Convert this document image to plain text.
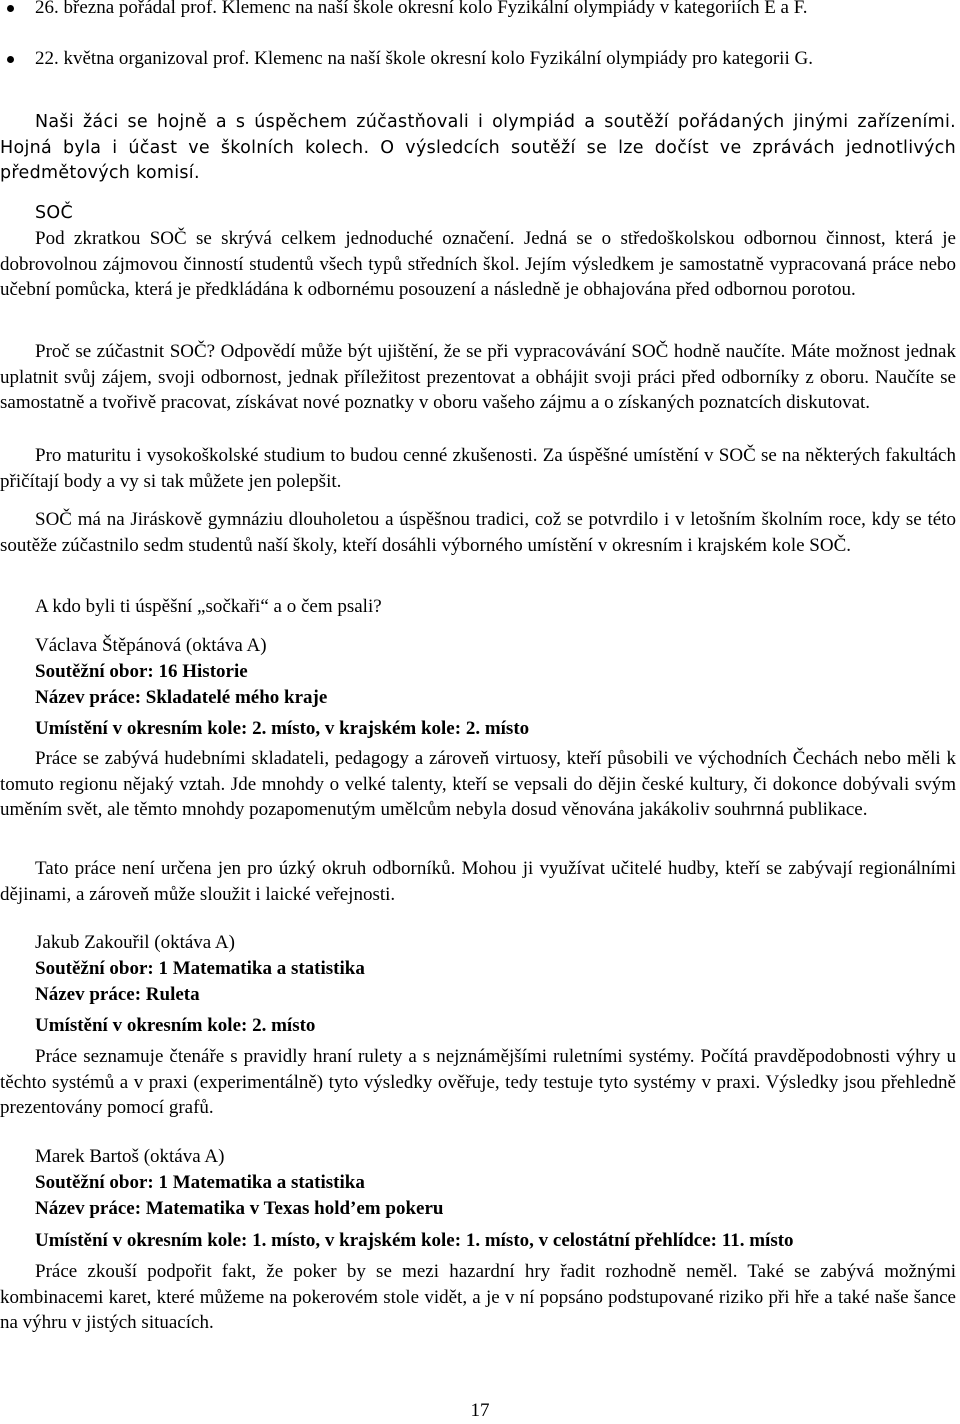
26. března pořádal prof. Klemenc na naší škole okresní kolo Fyzikální olympiády v kategoriích E a F.
22. května organizoval prof. Klemenc na naší škole okresní kolo Fyzikální olympiády pro kategorii G.

Naši žáci se hojně a s úspěchem zúčastňovali i olympiád a soutěží pořádaných jinými zařízeními. Hojná byla i účast ve školních kolech. O výsledcích soutěží se lze dočíst ve zprávách jednotlivých předmětových komisí.

SOČ

Pod zkratkou SOČ se skrývá celkem jednoduché označení. Jedná se o středoškolskou odbornou činnost, která je dobrovolnou zájmovou činností studentů všech typů středních škol. Jejím výsledkem je samostatně vypracovaná práce nebo učební pomůcka, která je předkládána k odbornému posouzení a následně je obhajována před odbornou porotou.

Proč se zúčastnit SOČ? Odpovědí může být ujištění, že se při vypracovávání SOČ hodně naučíte. Máte možnost jednak uplatnit svůj zájem, svoji odbornost, jednak příležitost prezentovat a obhájit svoji práci před odborníky z oboru. Naučíte se samostatně a tvořivě pracovat, získávat nové poznatky v oboru vašeho zájmu a o získaných poznatcích diskutovat.

Pro maturitu i vysokoškolské studium to budou cenné zkušenosti. Za úspěšné umístění v SOČ se na některých fakultách přičítají body a vy si tak můžete jen polepšit.

SOČ má na Jiráskově gymnáziu dlouholetou a úspěšnou tradici, což se potvrdilo i v letošním školním roce, kdy se této soutěže zúčastnilo sedm studentů naší školy, kteří dosáhli výborného umístění v okresním i krajském kole SOČ.

A kdo byli ti úspěšní „sočkaři“ a o čem psali?

Václava Štěpánová (oktáva A)

Soutěžní obor: 16 Historie

Název práce: Skladatelé mého kraje

Umístění v okresním kole: 2. místo, v krajském kole: 2. místo

Práce se zabývá hudebními skladateli, pedagogy a zároveň virtuosy, kteří působili ve východních Čechách nebo měli k tomuto regionu nějaký vztah. Jde mnohdy o velké talenty, kteří se vepsali do dějin české kultury, či dokonce dobývali svým uměním svět, ale těmto mnohdy pozapomenutým umělcům nebyla dosud věnována jakákoliv souhrnná publikace.

Tato práce není určena jen pro úzký okruh odborníků. Mohou ji využívat učitelé hudby, kteří se zabývají regionálními dějinami, a zároveň může sloužit i laické veřejnosti.

Jakub Zakouřil (oktáva A)

Soutěžní obor: 1 Matematika a statistika

Název práce: Ruleta

Umístění v okresním kole: 2. místo

Práce seznamuje čtenáře s pravidly hraní rulety a s nejznámějšími ruletními systémy. Počítá pravděpodobnosti výhry u těchto systémů a v praxi (experimentálně) tyto výsledky ověřuje, tedy testuje tyto systémy v praxi. Výsledky jsou přehledně prezentovány pomocí grafů.

Marek Bartoš (oktáva A)

Soutěžní obor: 1 Matematika a statistika

Název práce: Matematika v Texas hold’em pokeru

Umístění v okresním kole: 1. místo, v krajském kole: 1. místo, v celostátní přehlídce: 11. místo

Práce zkouší podpořit fakt, že poker by se mezi hazardní hry řadit rozhodně neměl. Také se zabývá možnými kombinacemi karet, které můžeme na pokerovém stole vidět, a je v ní popsáno podstupované riziko při hře a také naše šance na výhru v jistých situacích.

17
